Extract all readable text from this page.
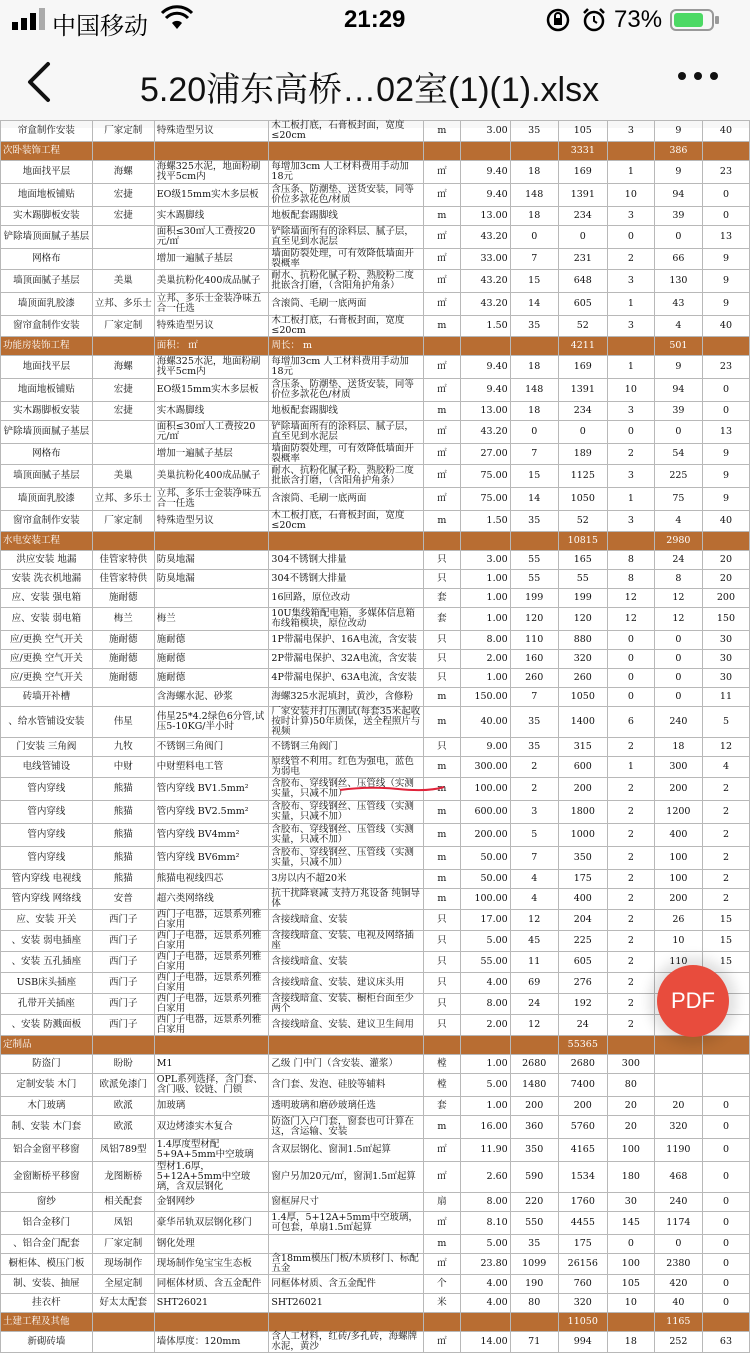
中国移动	21:29	73%
5.20浦东高桥…02室(1)(1).xlsx
帘盒制作安装	厂家定制	特殊造型另议	木工板打底，石膏板封面，宽度≤20cm	m	3.00	35	105	3	9	40
次卧装饰工程							3331		386	
地面找平层	海螺	海螺325水泥，地面粉刷找平5cm内	每增加3cm 人工材料费用手动加18元	㎡	9.40	18	169	1	9	23
地面地板铺贴	宏捷	EO级15mm实木多层板	含压条、防潮垫、送货安装，同等价位多款花色/材质	㎡	9.40	148	1391	10	94	0
实木踢脚板安装	宏捷	实木踢脚线	地板配套踢脚线	m	13.00	18	234	3	39	0
铲除墙顶面腻子基层		面积≤30㎡人工费按20元/㎡	铲除墙面所有的涂料层、腻子层，直至见到水泥层	㎡	43.20	0	0	0	0	13
网格布		增加一遍腻子基层	墙面防裂处理，可有效降低墙面开裂概率	㎡	33.00	7	231	2	66	9
墙顶面腻子基层	美巢	美巢抗粉化400成品腻子	耐水、抗粉化腻子粉、熟胶粉二度批嵌含打磨，（含阳角护角条）	㎡	43.20	15	648	3	130	9
墙顶面乳胶漆	立邦、多乐士	立邦、多乐士金装净味五合一任选	含滚筒、毛刷一底两面	㎡	43.20	14	605	1	43	9
窗帘盒制作安装	厂家定制	特殊造型另议	木工板打底，石膏板封面，宽度≤20cm	m	1.50	35	52	3	4	40
功能房装饰工程		面积： ㎡	周长： m				4211		501	
地面找平层	海螺	海螺325水泥，地面粉刷找平5cm内	每增加3cm 人工材料费用手动加18元	㎡	9.40	18	169	1	9	23
地面地板铺贴	宏捷	EO级15mm实木多层板	含压条、防潮垫、送货安装，同等价位多款花色/材质	㎡	9.40	148	1391	10	94	0
实木踢脚板安装	宏捷	实木踢脚线	地板配套踢脚线	m	13.00	18	234	3	39	0
铲除墙顶面腻子基层		面积≤30㎡人工费按20元/㎡	铲除墙面所有的涂料层、腻子层，直至见到水泥层	㎡	43.20	0	0	0	0	13
网格布		增加一遍腻子基层	墙面防裂处理，可有效降低墙面开裂概率	㎡	27.00	7	189	2	54	9
墙顶面腻子基层	美巢	美巢抗粉化400成品腻子	耐水、抗粉化腻子粉、熟胶粉二度批嵌含打磨，（含阳角护角条）	㎡	75.00	15	1125	3	225	9
墙顶面乳胶漆	立邦、多乐士	立邦、多乐士金装净味五合一任选	含滚筒、毛刷一底两面	㎡	75.00	14	1050	1	75	9
窗帘盒制作安装	厂家定制	特殊造型另议	木工板打底，石膏板封面，宽度≤20cm	m	1.50	35	52	3	4	40
水电安装工程							10815		2980	
洪应安装 地漏	佳管家特供	防臭地漏	304不锈钢大排量	只	3.00	55	165	8	24	20
安装 洗衣机地漏	佳管家特供	防臭地漏	304不锈钢大排量	只	1.00	55	55	8	8	20
应、安装 强电箱	施耐德		16回路，原位改动	套	1.00	199	199	12	12	200
应、安装 弱电箱	梅兰	梅兰	10U集线箱配电箱，多媒体信息箱布线箱模块，原位改动	套	1.00	120	120	12	12	150
应/更换 空气开关	施耐德	施耐德	1P带漏电保护、16A电流，含安装	只	8.00	110	880	0	0	30
应/更换 空气开关	施耐德	施耐德	2P带漏电保护、32A电流，含安装	只	2.00	160	320	0	0	30
应/更换 空气开关	施耐德	施耐德	4P带漏电保护、63A电流，含安装	只	1.00	260	260	0	0	30
砖墙开补槽		含海螺水泥、砂浆	海螺325水泥填封，黄沙，含修粉	m	150.00	7	1050	0	0	11
、给水管铺设安装	伟星	伟星25*4.2绿色6分管,试压5-10KG/半小时	厂家安装并打压测试(每套35米起收按时计算)50年质保，送全程照片与视频	m	40.00	35	1400	6	240	5
门安装 三角阀	九牧	不锈钢三角阀门	不锈钢三角阀门	只	9.00	35	315	2	18	12
电线管铺设	中财	中财塑料电工管	原线管不利用。红色为强电，蓝色为弱电	m	300.00	2	600	1	300	4
管内穿线	熊猫	管内穿线 BV1.5mm²	含胶布、穿线钢丝、压管线（实测实量，只减不加）	m	100.00	2	200	2	200	2
管内穿线	熊猫	管内穿线 BV2.5mm²	含胶布、穿线钢丝、压管线（实测实量，只减不加）	m	600.00	3	1800	2	1200	2
管内穿线	熊猫	管内穿线 BV4mm²	含胶布、穿线钢丝、压管线（实测实量，只减不加）	m	200.00	5	1000	2	400	2
管内穿线	熊猫	管内穿线 BV6mm²	含胶布、穿线钢丝、压管线（实测实量，只减不加）	m	50.00	7	350	2	100	2
管内穿线 电视线	熊猫	熊猫电视线四芯	3房以内不超20米	m	50.00	4	175	2	100	2
管内穿线 网络线	安普	超六类网络线	抗干扰降衰减 支持万兆设备 纯铜导体	m	100.00	4	400	2	200	2
应、安装 开关	西门子	西门子电器，远景系列雅白家用	含接线暗盒、安装	只	17.00	12	204	2	26	15
、安装 弱电插座	西门子	西门子电器，远景系列雅白家用	含接线暗盒、安装、电视及网络插座	只	5.00	45	225	2	10	15
、安装 五孔插座	西门子	西门子电器，远景系列雅白家用	含接线暗盒、安装	只	55.00	11	605	2	110	15
USB床头插座	西门子	西门子电器，远景系列雅白家用	含接线暗盒、安装、建议床头用	只	4.00	69	276	2		
孔带开关插座	西门子	西门子电器，远景系列雅白家用	含接线暗盒、安装、橱柜台面至少两个	只	8.00	24	192	2		
、安装 防溅面板	西门子	西门子电器，远景系列雅白家用	含接线暗盒、安装、建议卫生间用	只	2.00	12	24	2		
定制品							55365			
防盗门	盼盼	M1	乙级 门中门（含安装、灌浆）	樘	1.00	2680	2680	300		
定制安装 木门	欧派免漆门	OPL系列选择，含门套、含门吸、铰链、门锁	含门套、发泡、硅胶等辅料	樘	5.00	1480	7400	80		
木门玻璃	欧派	加玻璃	透明玻璃和磨砂玻璃任选	套	1.00	200	200	20	20	0
制、安装 木门套	欧派	双边烤漆实木复合	防盗门入户门套，窗套也可计算在这，含运输、安装	m	16.00	360	5760	20	320	0
铝合金窗平移窗	凤铝789型	1.4厚度型材配5+9A+5mm中空玻璃	含双层钢化、窗洞1.5㎡起算	㎡	11.90	350	4165	100	1190	0
金窗断桥平移窗	龙图断桥	型材1.6厚，5+12A+5mm中空玻璃，含双层钢化	窗户另加20元/㎡，窗洞1.5㎡起算	㎡	2.60	590	1534	180	468	0
窗纱	相关配套	金钢网纱	窗框屏尺寸	扇	8.00	220	1760	30	240	0
铝合金移门	凤铝	豪华吊轨双层钢化移门	1.4厚，5+12A+5mm中空玻璃，可包套，单扇1.5㎡起算	㎡	8.10	550	4455	145	1174	0
、铝合金门配套	厂家定制	钢化处理		m	5.00	35	175	0	0	0
橱柜体、模压门板	现场制作	现场制作兔宝宝生态板	含18mm模压门板/木质移门、标配五金	㎡	23.80	1099	26156	100	2380	0
制、安装、抽屉	全屋定制	同框体材质、含五金配件	同框体材质、含五金配件	个	4.00	190	760	105	420	0
挂衣杆	好太太配套	SHT26021	SHT26021	米	4.00	80	320	10	40	0
土建工程及其他							11050		1165	
新砌砖墙		墙体厚度：120mm	含人工材料，红砖/多孔砖，海螺牌水泥，黄沙	㎡	14.00	71	994	18	252	63
PDF
